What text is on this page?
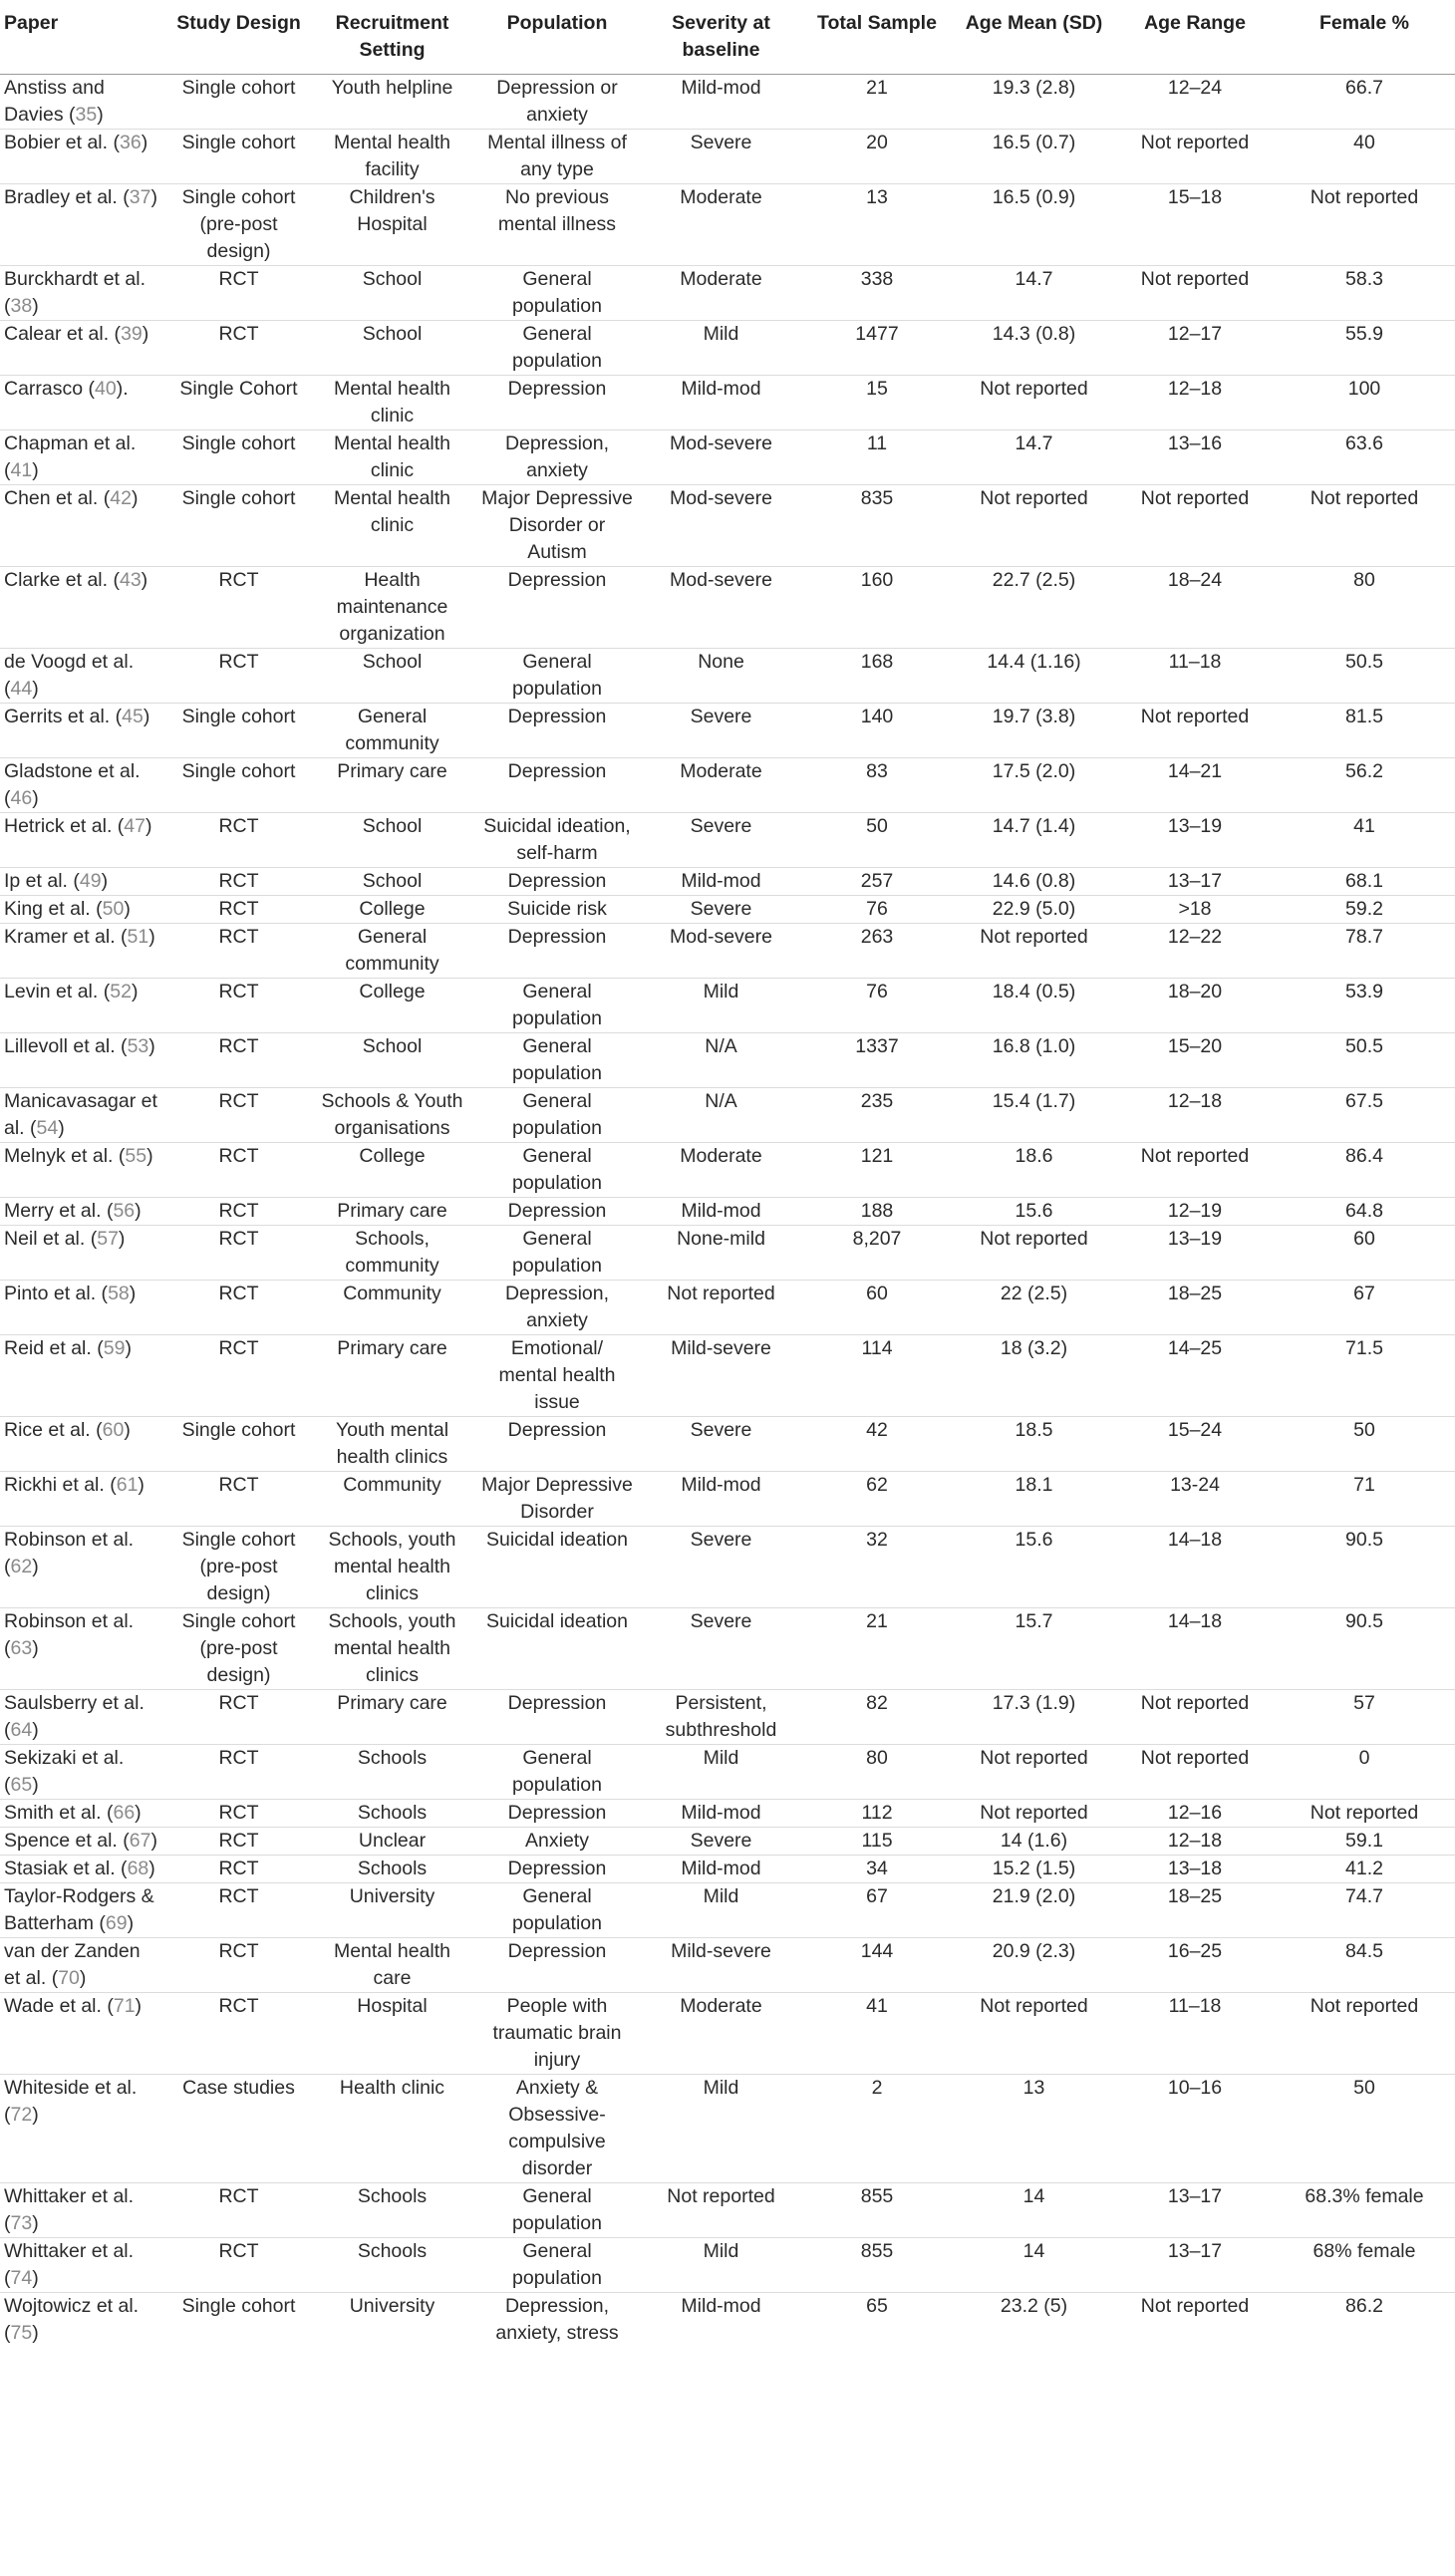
Paper	Study Design	Recruitment Setting	Population	Severity at baseline	Total Sample	Age Mean (SD)	Age Range	Female %
Anstiss and Davies (35)	Single cohort	Youth helpline	Depression or anxiety	Mild-mod	21	19.3 (2.8)	12–24	66.7
Bobier et al. (36)	Single cohort	Mental health facility	Mental illness of any type	Severe	20	16.5 (0.7)	Not reported	40
Bradley et al. (37)	Single cohort (pre-post design)	Children's Hospital	No previous mental illness	Moderate	13	16.5 (0.9)	15–18	Not reported
Burckhardt et al. (38)	RCT	School	General population	Moderate	338	14.7	Not reported	58.3
Calear et al. (39)	RCT	School	General population	Mild	1477	14.3 (0.8)	12–17	55.9
Carrasco (40).	Single Cohort	Mental health clinic	Depression	Mild-mod	15	Not reported	12–18	100
Chapman et al. (41)	Single cohort	Mental health clinic	Depression, anxiety	Mod-severe	11	14.7	13–16	63.6
Chen et al. (42)	Single cohort	Mental health clinic	Major Depressive Disorder or Autism	Mod-severe	835	Not reported	Not reported	Not reported
Clarke et al. (43)	RCT	Health maintenance organization	Depression	Mod-severe	160	22.7 (2.5)	18–24	80
de Voogd et al. (44)	RCT	School	General population	None	168	14.4 (1.16)	11–18	50.5
Gerrits et al. (45)	Single cohort	General community	Depression	Severe	140	19.7 (3.8)	Not reported	81.5
Gladstone et al. (46)	Single cohort	Primary care	Depression	Moderate	83	17.5 (2.0)	14–21	56.2
Hetrick et al. (47)	RCT	School	Suicidal ideation, self-harm	Severe	50	14.7 (1.4)	13–19	41
Ip et al. (49)	RCT	School	Depression	Mild-mod	257	14.6 (0.8)	13–17	68.1
King et al. (50)	RCT	College	Suicide risk	Severe	76	22.9 (5.0)	>18	59.2
Kramer et al. (51)	RCT	General community	Depression	Mod-severe	263	Not reported	12–22	78.7
Levin et al. (52)	RCT	College	General population	Mild	76	18.4 (0.5)	18–20	53.9
Lillevoll et al. (53)	RCT	School	General population	N/A	1337	16.8 (1.0)	15–20	50.5
Manicavasagar et al. (54)	RCT	Schools & Youth organisations	General population	N/A	235	15.4 (1.7)	12–18	67.5
Melnyk et al. (55)	RCT	College	General population	Moderate	121	18.6	Not reported	86.4
Merry et al. (56)	RCT	Primary care	Depression	Mild-mod	188	15.6	12–19	64.8
Neil et al. (57)	RCT	Schools, community	General population	None-mild	8,207	Not reported	13–19	60
Pinto et al. (58)	RCT	Community	Depression, anxiety	Not reported	60	22 (2.5)	18–25	67
Reid et al. (59)	RCT	Primary care	Emotional/ mental health issue	Mild-severe	114	18 (3.2)	14–25	71.5
Rice et al. (60)	Single cohort	Youth mental health clinics	Depression	Severe	42	18.5	15–24	50
Rickhi et al. (61)	RCT	Community	Major Depressive Disorder	Mild-mod	62	18.1	13-24	71
Robinson et al. (62)	Single cohort (pre-post design)	Schools, youth mental health clinics	Suicidal ideation	Severe	32	15.6	14–18	90.5
Robinson et al. (63)	Single cohort (pre-post design)	Schools, youth mental health clinics	Suicidal ideation	Severe	21	15.7	14–18	90.5
Saulsberry et al. (64)	RCT	Primary care	Depression	Persistent, subthreshold	82	17.3 (1.9)	Not reported	57
Sekizaki et al. (65)	RCT	Schools	General population	Mild	80	Not reported	Not reported	0
Smith et al. (66)	RCT	Schools	Depression	Mild-mod	112	Not reported	12–16	Not reported
Spence et al. (67)	RCT	Unclear	Anxiety	Severe	115	14 (1.6)	12–18	59.1
Stasiak et al. (68)	RCT	Schools	Depression	Mild-mod	34	15.2 (1.5)	13–18	41.2
Taylor-Rodgers & Batterham (69)	RCT	University	General population	Mild	67	21.9 (2.0)	18–25	74.7
van der Zanden et al. (70)	RCT	Mental health care	Depression	Mild-severe	144	20.9 (2.3)	16–25	84.5
Wade et al. (71)	RCT	Hospital	People with traumatic brain injury	Moderate	41	Not reported	11–18	Not reported
Whiteside et al. (72)	Case studies	Health clinic	Anxiety & Obsessive-compulsive disorder	Mild	2	13	10–16	50
Whittaker et al. (73)	RCT	Schools	General population	Not reported	855	14	13–17	68.3% female
Whittaker et al. (74)	RCT	Schools	General population	Mild	855	14	13–17	68% female
Wojtowicz et al. (75)	Single cohort	University	Depression, anxiety, stress	Mild-mod	65	23.2 (5)	Not reported	86.2
